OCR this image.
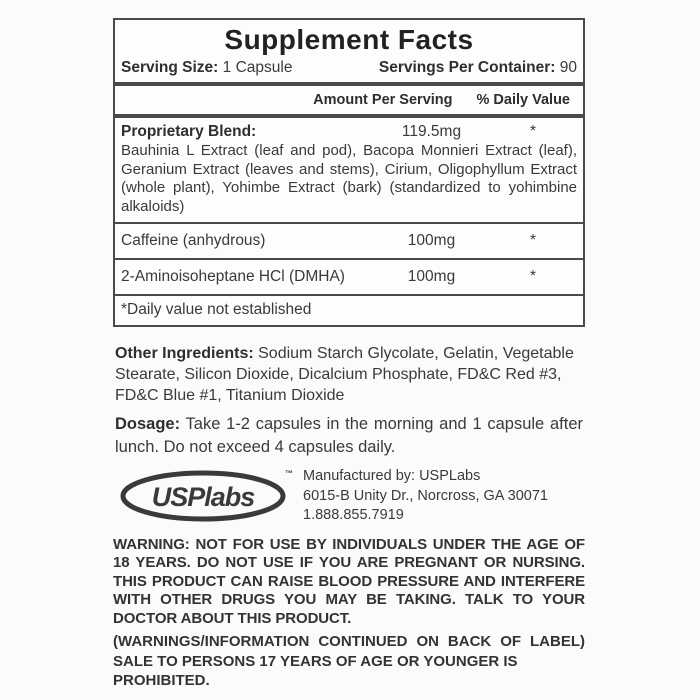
Supplement Facts
Serving Size: 1 Capsule	Servings Per Container: 90
Amount Per Serving % Daily Value
Proprietary Blend:	119.5mg	*
Bauhinia L Extract (leaf and pod), Bacopa Monnieri Extract (leaf), Geranium Extract (leaves and stems), Cirium, Oligophyllum Extract (whole plant), Yohimbe Extract (bark) (standardized to yohimbine alkaloids)
Caffeine (anhydrous)	100mg	*
2-Aminoisoheptane HCl (DMHA)	100mg	*
*Daily value not established

Other Ingredients: Sodium Starch Glycolate, Gelatin, Vegetable Stearate, Silicon Dioxide, Dicalcium Phosphate, FD&C Red #3, FD&C Blue #1, Titanium Dioxide

Dosage: Take 1-2 capsules in the morning and 1 capsule after lunch. Do not exceed 4 capsules daily.

USPlabs
™ Manufactured by: USPLabs
6015-B Unity Dr., Norcross, GA 30071
1.888.855.7919

WARNING: NOT FOR USE BY INDIVIDUALS UNDER THE AGE OF 18 YEARS. DO NOT USE IF YOU ARE PREGNANT OR NURSING. THIS PRODUCT CAN RAISE BLOOD PRESSURE AND INTERFERE WITH OTHER DRUGS YOU MAY BE TAKING. TALK TO YOUR DOCTOR ABOUT THIS PRODUCT.

(WARNINGS/INFORMATION CONTINUED ON BACK OF LABEL)
SALE TO PERSONS 17 YEARS OF AGE OR YOUNGER IS PROHIBITED.
